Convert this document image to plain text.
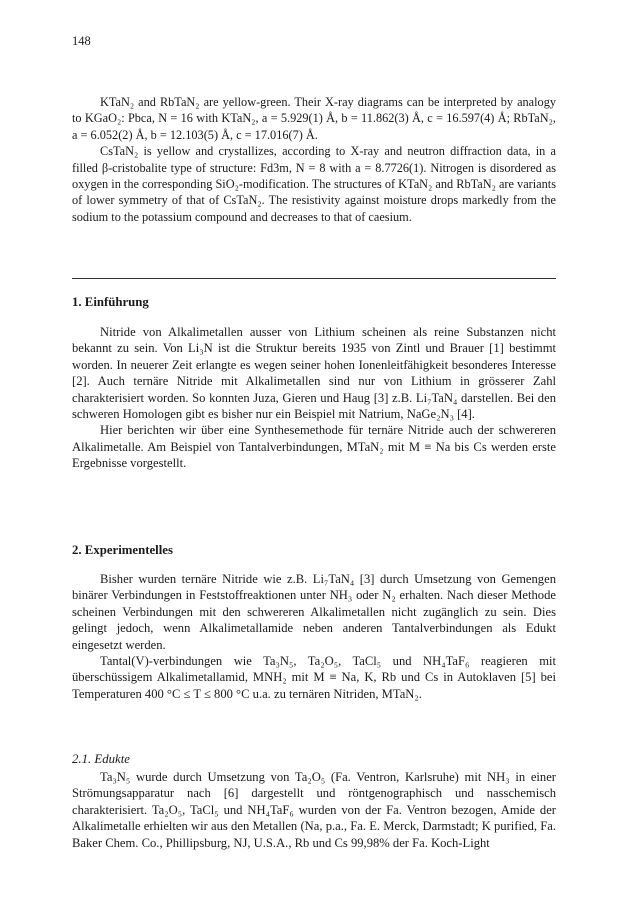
148

KTaN₂ and RbTaN₂ are yellow-green. Their X-ray diagrams can be interpreted by analogy to KGaO₂: Pbca, N = 16 with KTaN₂, a = 5.929(1) Å, b = 11.862(3) Å, c = 16.597(4) Å; RbTaN₂, a = 6.052(2) Å, b = 12.103(5) Å, c = 17.016(7) Å.

CsTaN₂ is yellow and crystallizes, according to X-ray and neutron diffraction data, in a filled β-cristobalite type of structure: Fd3m, N = 8 with a = 8.7726(1). Nitrogen is disordered as oxygen in the corresponding SiO₂-modification. The structures of KTaN₂ and RbTaN₂ are variants of lower symmetry of that of CsTaN₂. The resistivity against moisture drops markedly from the sodium to the potassium compound and decreases to that of caesium.

1. Einführung

Nitride von Alkalimetallen ausser von Lithium scheinen als reine Substanzen nicht bekannt zu sein. Von Li₃N ist die Struktur bereits 1935 von Zintl und Brauer [1] bestimmt worden. In neuerer Zeit erlangte es wegen seiner hohen Ionenleitfähigkeit besonderes Interesse [2]. Auch ternäre Nitride mit Alkalimetallen sind nur von Lithium in grösserer Zahl charakterisiert worden. So konnten Juza, Gieren und Haug [3] z.B. Li₇TaN₄ darstellen. Bei den schweren Homologen gibt es bisher nur ein Beispiel mit Natrium, NaGe₂N₃ [4].

Hier berichten wir über eine Synthesemethode für ternäre Nitride auch der schwereren Alkalimetalle. Am Beispiel von Tantalverbindungen, MTaN₂ mit M ≡ Na bis Cs werden erste Ergebnisse vorgestellt.

2. Experimentelles

Bisher wurden ternäre Nitride wie z.B. Li₇TaN₄ [3] durch Umsetzung von Gemengen binärer Verbindungen in Feststoffreaktionen unter NH₃ oder N₂ erhalten. Nach dieser Methode scheinen Verbindungen mit den schwereren Alkalimetallen nicht zugänglich zu sein. Dies gelingt jedoch, wenn Alkalimetallamide neben anderen Tantalverbindungen als Edukt eingesetzt werden.

Tantal(V)-verbindungen wie Ta₃N₅, Ta₂O₅, TaCl₅ und NH₄TaF₆ reagieren mit überschüssigem Alkalimetallamid, MNH₂ mit M ≡ Na, K, Rb und Cs in Autoklaven [5] bei Temperaturen 400 °C ≤ T ≤ 800 °C u.a. zu ternären Nitriden, MTaN₂.

2.1. Edukte

Ta₃N₅ wurde durch Umsetzung von Ta₂O₅ (Fa. Ventron, Karlsruhe) mit NH₃ in einer Strömungsapparatur nach [6] dargestellt und röntgenographisch und nasschemisch charakterisiert. Ta₂O₅, TaCl₅ und NH₄TaF₆ wurden von der Fa. Ventron bezogen, Amide der Alkalimetalle erhielten wir aus den Metallen (Na, p.a., Fa. E. Merck, Darmstadt; K purified, Fa. Baker Chem. Co., Phillipsburg, NJ, U.S.A., Rb und Cs 99,98% der Fa. Koch-Light
